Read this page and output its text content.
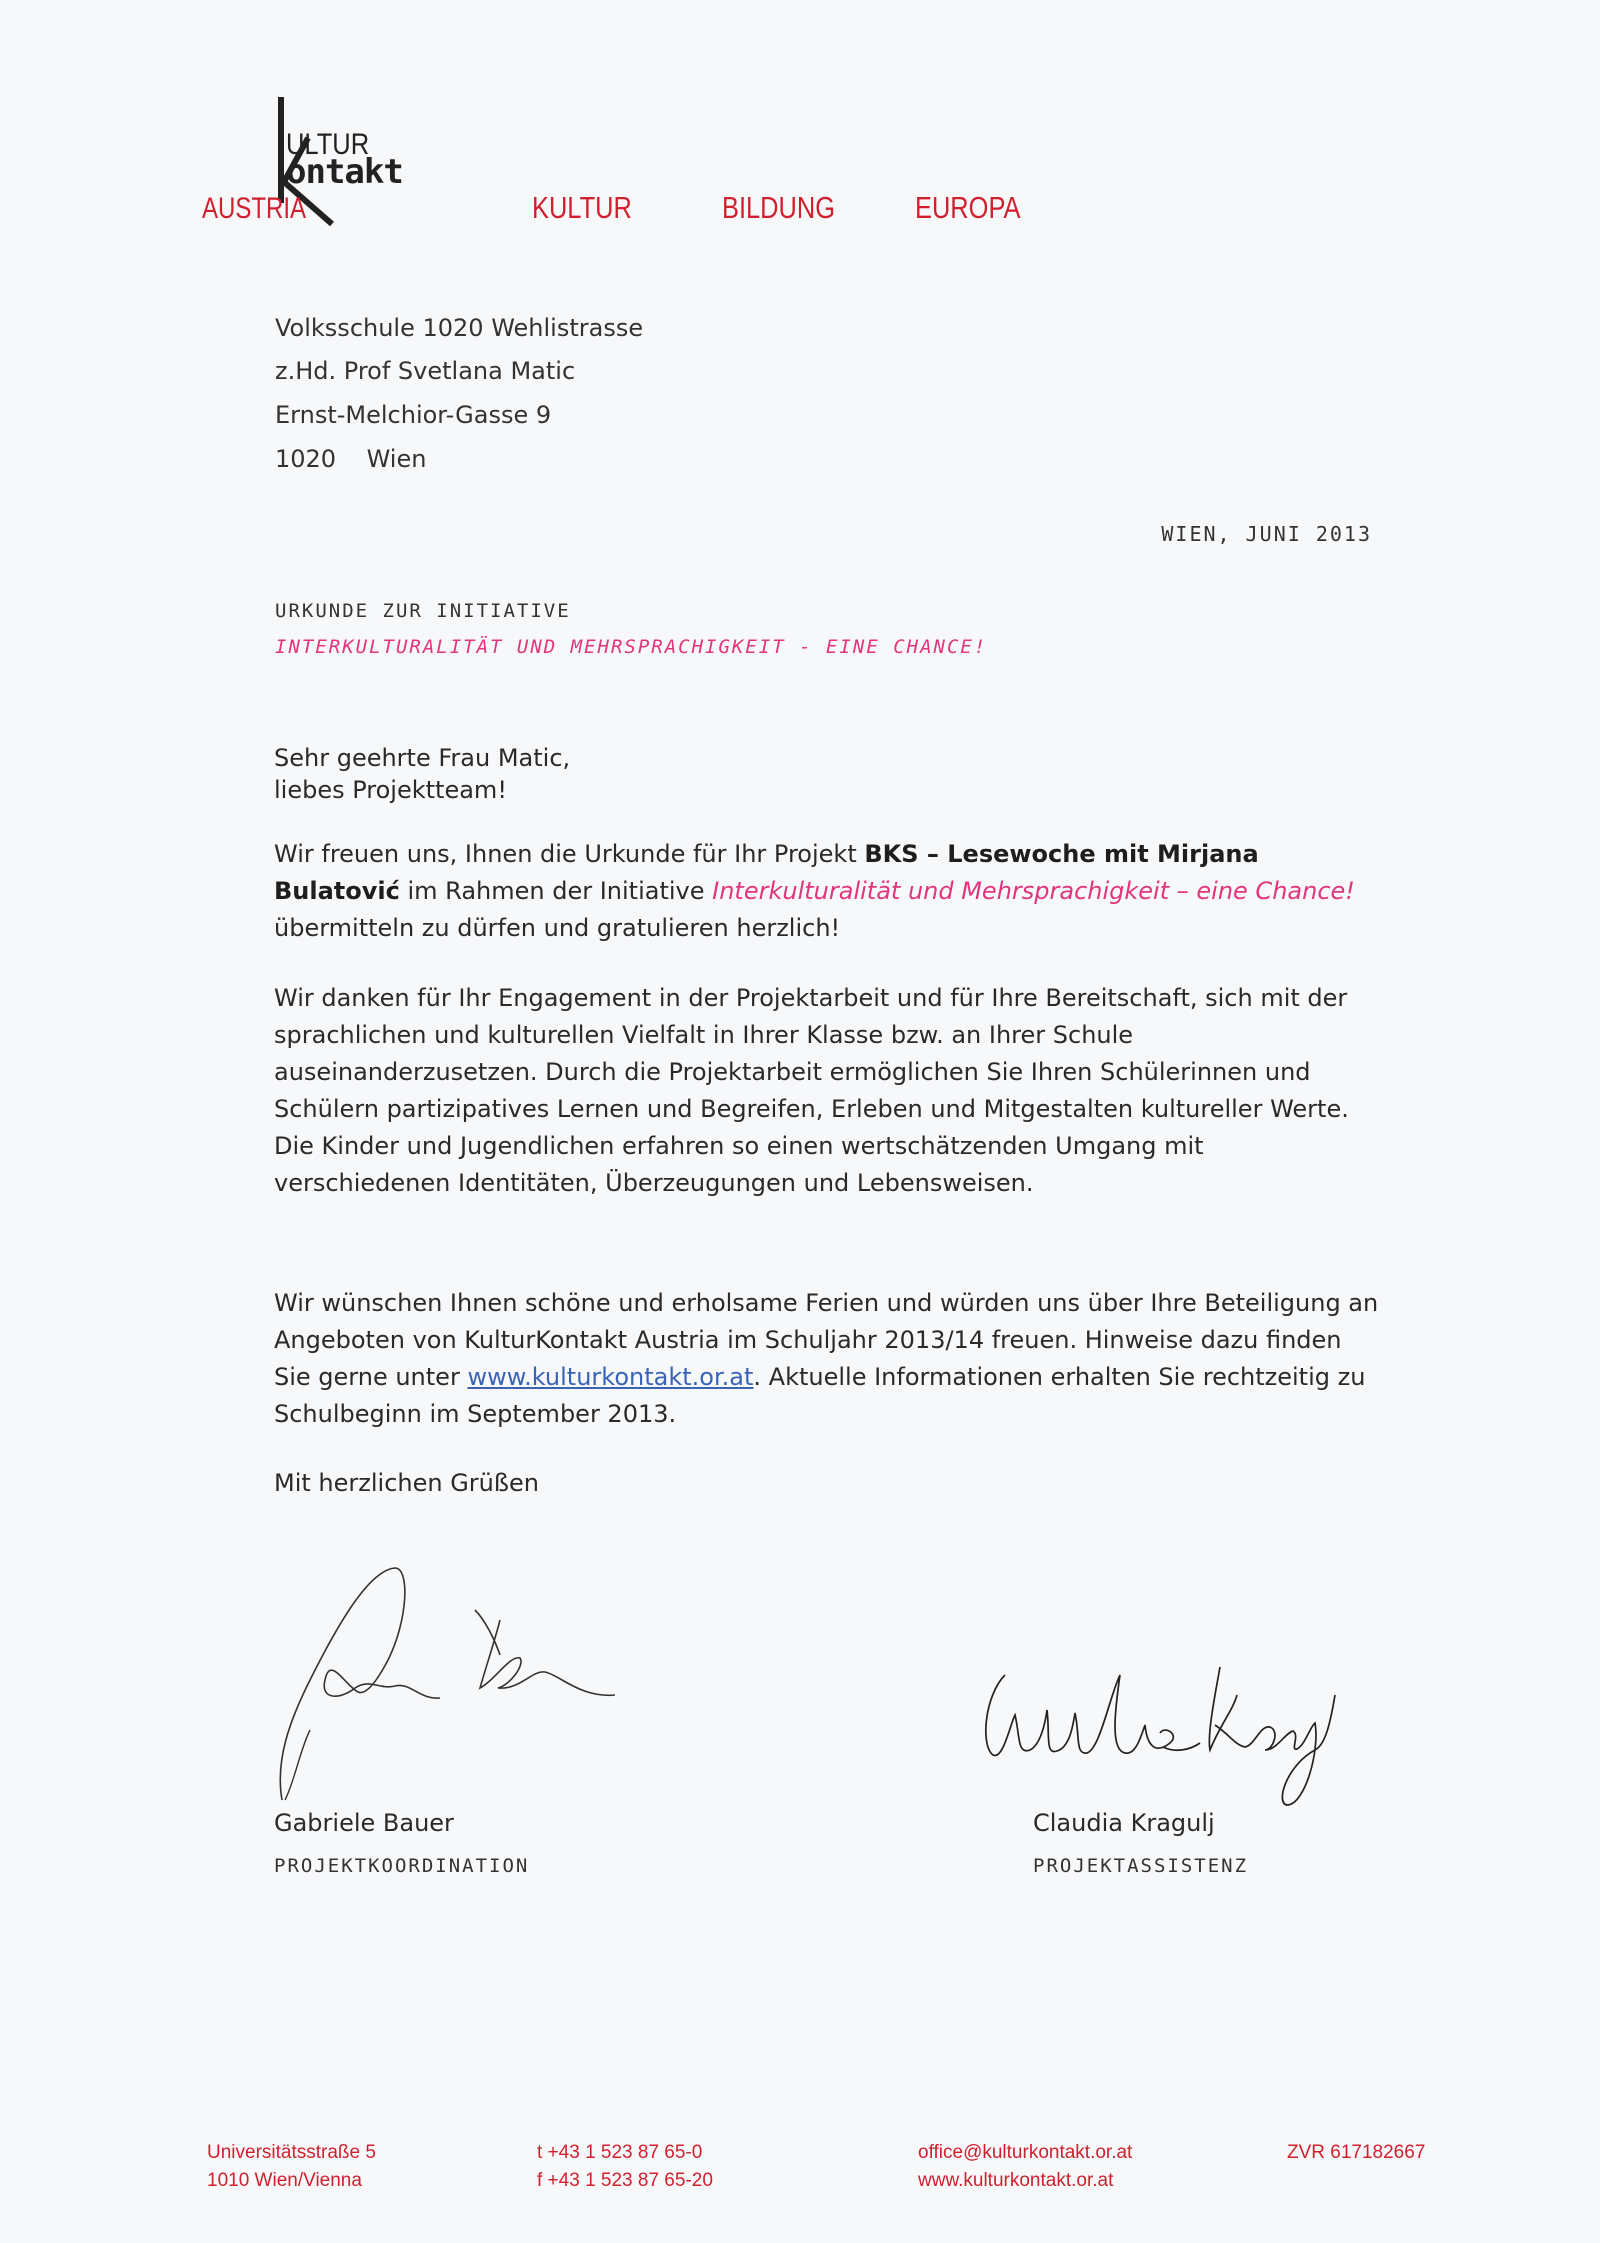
ULTUR
ontakt
AUSTRIA	KULTUR	BILDUNG	EUROPA
Volksschule 1020 Wehlistrasse
z.Hd. Prof Svetlana Matic
Ernst-Melchior-Gasse 9
1020    Wien
WIEN, JUNI 2013
URKUNDE ZUR INITIATIVE
INTERKULTURALITÄT UND MEHRSPRACHIGKEIT - EINE CHANCE!

Sehr geehrte Frau Matic,

liebes Projektteam!

Wir freuen uns, Ihnen die Urkunde für Ihr Projekt BKS – Lesewoche mit Mirjana Bulatović im Rahmen der Initiative Interkulturalität und Mehrsprachigkeit – eine Chance! übermitteln zu dürfen und gratulieren herzlich!

Wir danken für Ihr Engagement in der Projektarbeit und für Ihre Bereitschaft, sich mit der sprachlichen und kulturellen Vielfalt in Ihrer Klasse bzw. an Ihrer Schule auseinanderzusetzen. Durch die Projektarbeit ermöglichen Sie Ihren Schülerinnen und Schülern partizipatives Lernen und Begreifen, Erleben und Mitgestalten kultureller Werte. Die Kinder und Jugendlichen erfahren so einen wertschätzenden Umgang mit verschiedenen Identitäten, Überzeugungen und Lebensweisen.

Wir wünschen Ihnen schöne und erholsame Ferien und würden uns über Ihre Beteiligung an Angeboten von KulturKontakt Austria im Schuljahr 2013/14 freuen. Hinweise dazu finden Sie gerne unter www.kulturkontakt.or.at. Aktuelle Informationen erhalten Sie rechtzeitig zu Schulbeginn im September 2013.

Mit herzlichen Grüßen
Gabriele Bauer
PROJEKTKOORDINATION
Claudia Kragulj
PROJEKTASSISTENZ
Universitätsstraße 5
1010 Wien/Vienna
t +43 1 523 87 65-0
f +43 1 523 87 65-20
office@kulturkontakt.or.at
www.kulturkontakt.or.at
ZVR 617182667
